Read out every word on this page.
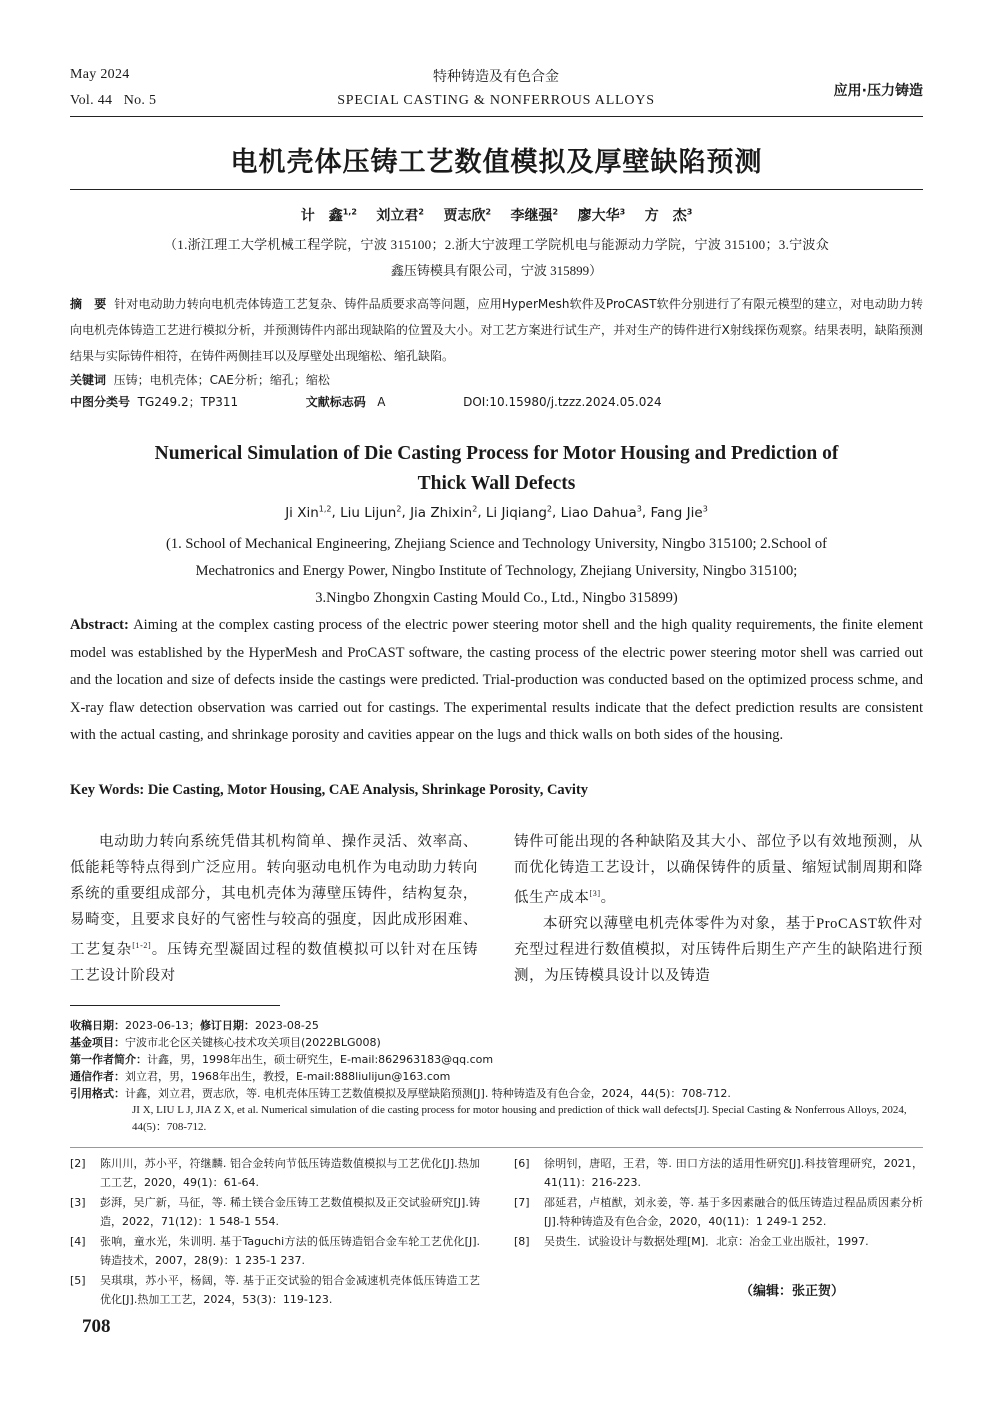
May 2024
Vol. 44   No. 5
特种铸造及有色合金
SPECIAL CASTING & NONFERROUS ALLOYS
应用·压力铸造
电机壳体压铸工艺数值模拟及厚壁缺陷预测
计　鑫$^{1,2}$ 刘立君$^2$ 贾志欣$^2$ 李继强$^2$ 廖大华$^3$ 方　杰$^3$
（1.浙江理工大学机械工程学院，宁波 315100；2.浙大宁波理工学院机电与能源动力学院，宁波 315100；3.宁波众
鑫压铸模具有限公司，宁波 315899）
摘　要 针对电动助力转向电机壳体铸造工艺复杂、铸件品质要求高等问题，应用HyperMesh软件及ProCAST软件分别进行了有限元模型的建立，对电动助力转向电机壳体铸造工艺进行模拟分析，并预测铸件内部出现缺陷的位置及大小。对工艺方案进行试生产，并对生产的铸件进行X射线探伤观察。结果表明，缺陷预测结果与实际铸件相符，在铸件两侧挂耳以及厚壁处出现缩松、缩孔缺陷。
关键词 压铸；电机壳体；CAE分析；缩孔；缩松
中图分类号 TG249.2；TP311	文献标志码 A	DOI:10.15980/j.tzzz.2024.05.024
Numerical Simulation of Die Casting Process for Motor Housing and Prediction of
Thick Wall Defects
Ji Xin$^{1,2}$, Liu Lijun$^2$, Jia Zhixin$^2$, Li Jiqiang$^2$, Liao Dahua$^3$, Fang Jie$^3$
(1. School of Mechanical Engineering, Zhejiang Science and Technology University, Ningbo 315100; 2.School of
Mechatronics and Energy Power, Ningbo Institute of Technology, Zhejiang University, Ningbo 315100;
3.Ningbo Zhongxin Casting Mould Co., Ltd., Ningbo 315899)
Abstract: Aiming at the complex casting process of the electric power steering motor shell and the high quality requirements, the finite element model was established by the HyperMesh and ProCAST software, the casting process of the electric power steering motor shell was carried out and the location and size of defects inside the castings were predicted. Trial-production was conducted based on the optimized process schme, and X-ray flaw detection observation was carried out for castings. The experimental results indicate that the defect prediction results are consistent with the actual casting, and shrinkage porosity and cavities appear on the lugs and thick walls on both sides of the housing.
Key Words: Die Casting, Motor Housing, CAE Analysis, Shrinkage Porosity, Cavity
电动助力转向系统凭借其机构简单、操作灵活、效率高、低能耗等特点得到广泛应用。转向驱动电机作为电动助力转向系统的重要组成部分，其电机壳体为薄壁压铸件，结构复杂，易畸变，且要求良好的气密性与较高的强度，因此成形困难、工艺复杂[1-2]。压铸充型凝固过程的数值模拟可以针对在压铸工艺设计阶段对
铸件可能出现的各种缺陷及其大小、部位予以有效地预测，从而优化铸造工艺设计，以确保铸件的质量、缩短试制周期和降低生产成本[3]。
本研究以薄壁电机壳体零件为对象，基于ProCAST软件对充型过程进行数值模拟，对压铸件后期生产产生的缺陷进行预测，为压铸模具设计以及铸造
收稿日期：2023-06-13；修订日期：2023-08-25
基金项目：宁波市北仑区关键核心技术攻关项目(2022BLG008)
第一作者简介：计鑫，男，1998年出生，硕士研究生，E-mail:862963183@qq.com
通信作者：刘立君，男，1968年出生，教授，E-mail:888liulijun@163.com
引用格式：计鑫，刘立君，贾志欣，等. 电机壳体压铸工艺数值模拟及厚壁缺陷预测[J]. 特种铸造及有色合金，2024，44(5)：708-712.
JI X, LIU L J, JIA Z X, et al. Numerical simulation of die casting process for motor housing and prediction of thick wall defects[J]. Special Casting & Nonferrous Alloys, 2024, 44(5)：708-712.
[2]	陈川川，苏小平，符继麟. 铝合金转向节低压铸造数值模拟与工艺优化[J].热加工工艺，2020，49(1)：61-64.
[3]	彭湃，吴广新，马征，等. 稀土镁合金压铸工艺数值模拟及正交试验研究[J].铸造，2022，71(12)：1 548-1 554.
[4]	张响，童水光，朱训明. 基于Taguchi方法的低压铸造铝合金车轮工艺优化[J].铸造技术，2007，28(9)：1 235-1 237.
[5]	吴琪琪，苏小平，杨阔，等. 基于正交试验的铝合金减速机壳体低压铸造工艺优化[J].热加工工艺，2024，53(3)：119-123.
[6]	徐明钊，唐昭，王君，等. 田口方法的适用性研究[J].科技管理研究，2021，41(11)：216-223.
[7]	邵延君，卢植猷，刘永姜，等. 基于多因素融合的低压铸造过程品质因素分析[J].特种铸造及有色合金，2020，40(11)：1 249-1 252.
[8]	吴贵生．试验设计与数据处理[M]．北京：冶金工业出版社，1997.
（编辑：张正贺）
708
